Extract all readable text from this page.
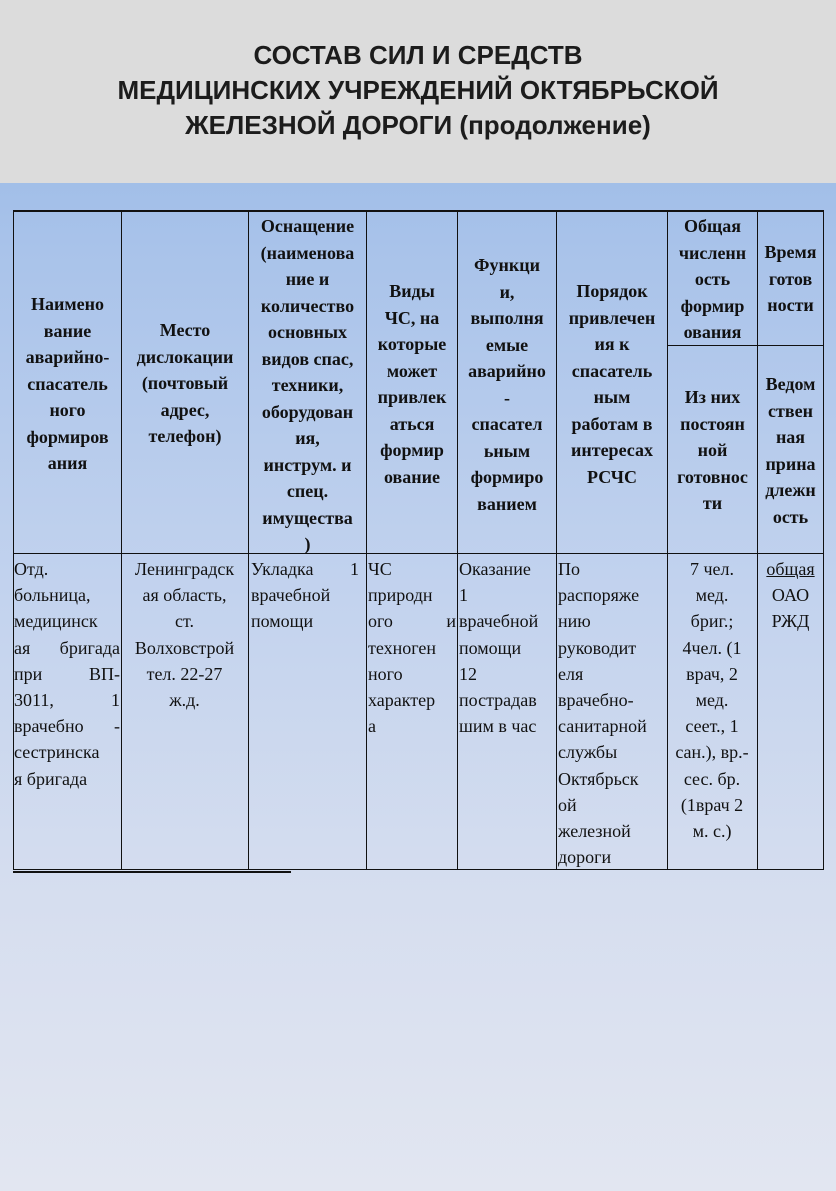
СОСТАВ СИЛ И СРЕДСТВ
МЕДИЦИНСКИХ УЧРЕЖДЕНИЙ ОКТЯБРЬСКОЙ
ЖЕЛЕЗНОЙ ДОРОГИ (продолжение)
Наимено
вание
аварийно-
спасатель
ного
формиров
ания
Место
дислокации
(почтовый
адрес,
телефон)
Оснащение
(наименова
ние и
количество
основных
видов спас,
техники,
оборудован
ия,
инструм. и
спец.
имущества
)
Виды
ЧС, на
которые
может
привлек
аться
формир
ование
Функци
и,
выполня
емые
аварийно
-
спасател
ьным
формиро
ванием
Порядок
привлечен
ия к
спасатель
ным
работам в
интересах
РСЧС
Общая
численн
ость
формир
ования
Время
готов
ности
Из них
постоян
ной
готовнос
ти
Ведом
ствен
ная
прина
длежн
ость
Отд.
больница,
медицинск
ая бригада
при ВП-
3011, 1
врачебно -
сестринска
я бригада
Ленинградск
ая область,
ст.
Волховстрой
тел. 22-27
ж.д.
Укладка 1
врачебной
помощи
ЧС
природн
ого и
техноген
ного
характер
а
Оказание
1
врачебной
помощи
12
пострадав
шим в час
По
распоряже
нию
руководит
еля
врачебно-
санитарной
службы
Октябрьск
ой
железной
дороги
7 чел.
мед.
бриг.;
4чел. (1
врач, 2
мед.
сеет., 1
сан.), вр.-
сес. бр.
(1врач 2
м. с.)
общая
ОАО
РЖД
